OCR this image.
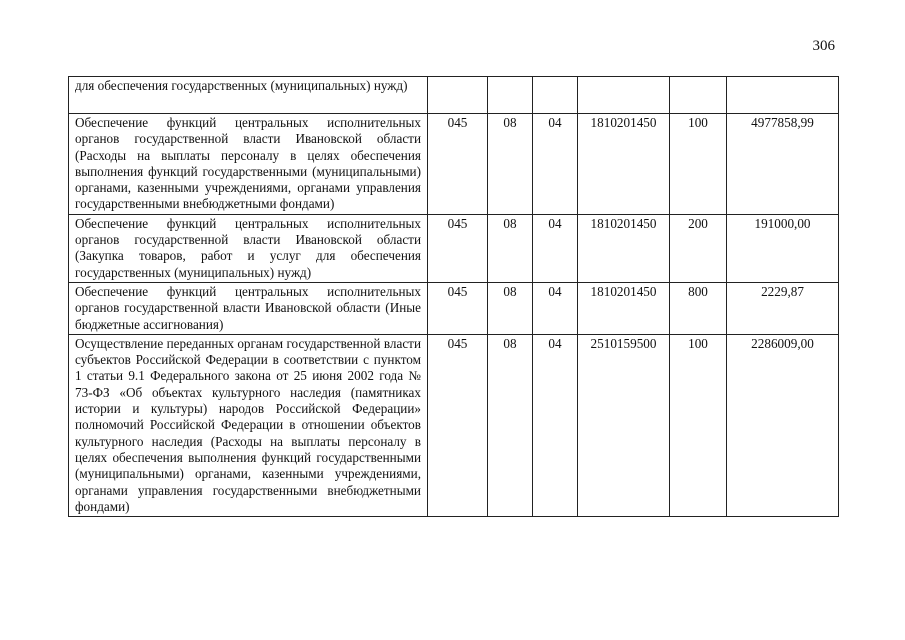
306
для обеспечения государственных (муниципальных) нужд)						
Обеспечение функций центральных исполнительных органов государственной власти Ивановской области (Расходы на выплаты персоналу в целях обеспечения выполнения функций государственными (муниципальными) органами, казенными учреждениями, органами управления государственными внебюджетными фондами)	045	08	04	1810201450	100	4977858,99
Обеспечение функций центральных исполнительных органов государственной власти Ивановской области (Закупка товаров, работ и услуг для обеспечения государственных (муниципальных) нужд)	045	08	04	1810201450	200	191000,00
Обеспечение функций центральных исполнительных органов государственной власти Ивановской области (Иные бюджетные ассигнования)	045	08	04	1810201450	800	2229,87
Осуществление переданных органам государственной власти субъектов Российской Федерации в соответствии с пунктом 1 статьи 9.1 Федерального закона от 25 июня 2002 года № 73-ФЗ «Об объектах культурного наследия (памятниках истории и культуры) народов Российской Федерации» полномочий Российской Федерации в отношении объектов культурного наследия (Расходы на выплаты персоналу в целях обеспечения выполнения функций государственными (муниципальными) органами, казенными учреждениями, органами управления государственными внебюджетными фондами)	045	08	04	2510159500	100	2286009,00
